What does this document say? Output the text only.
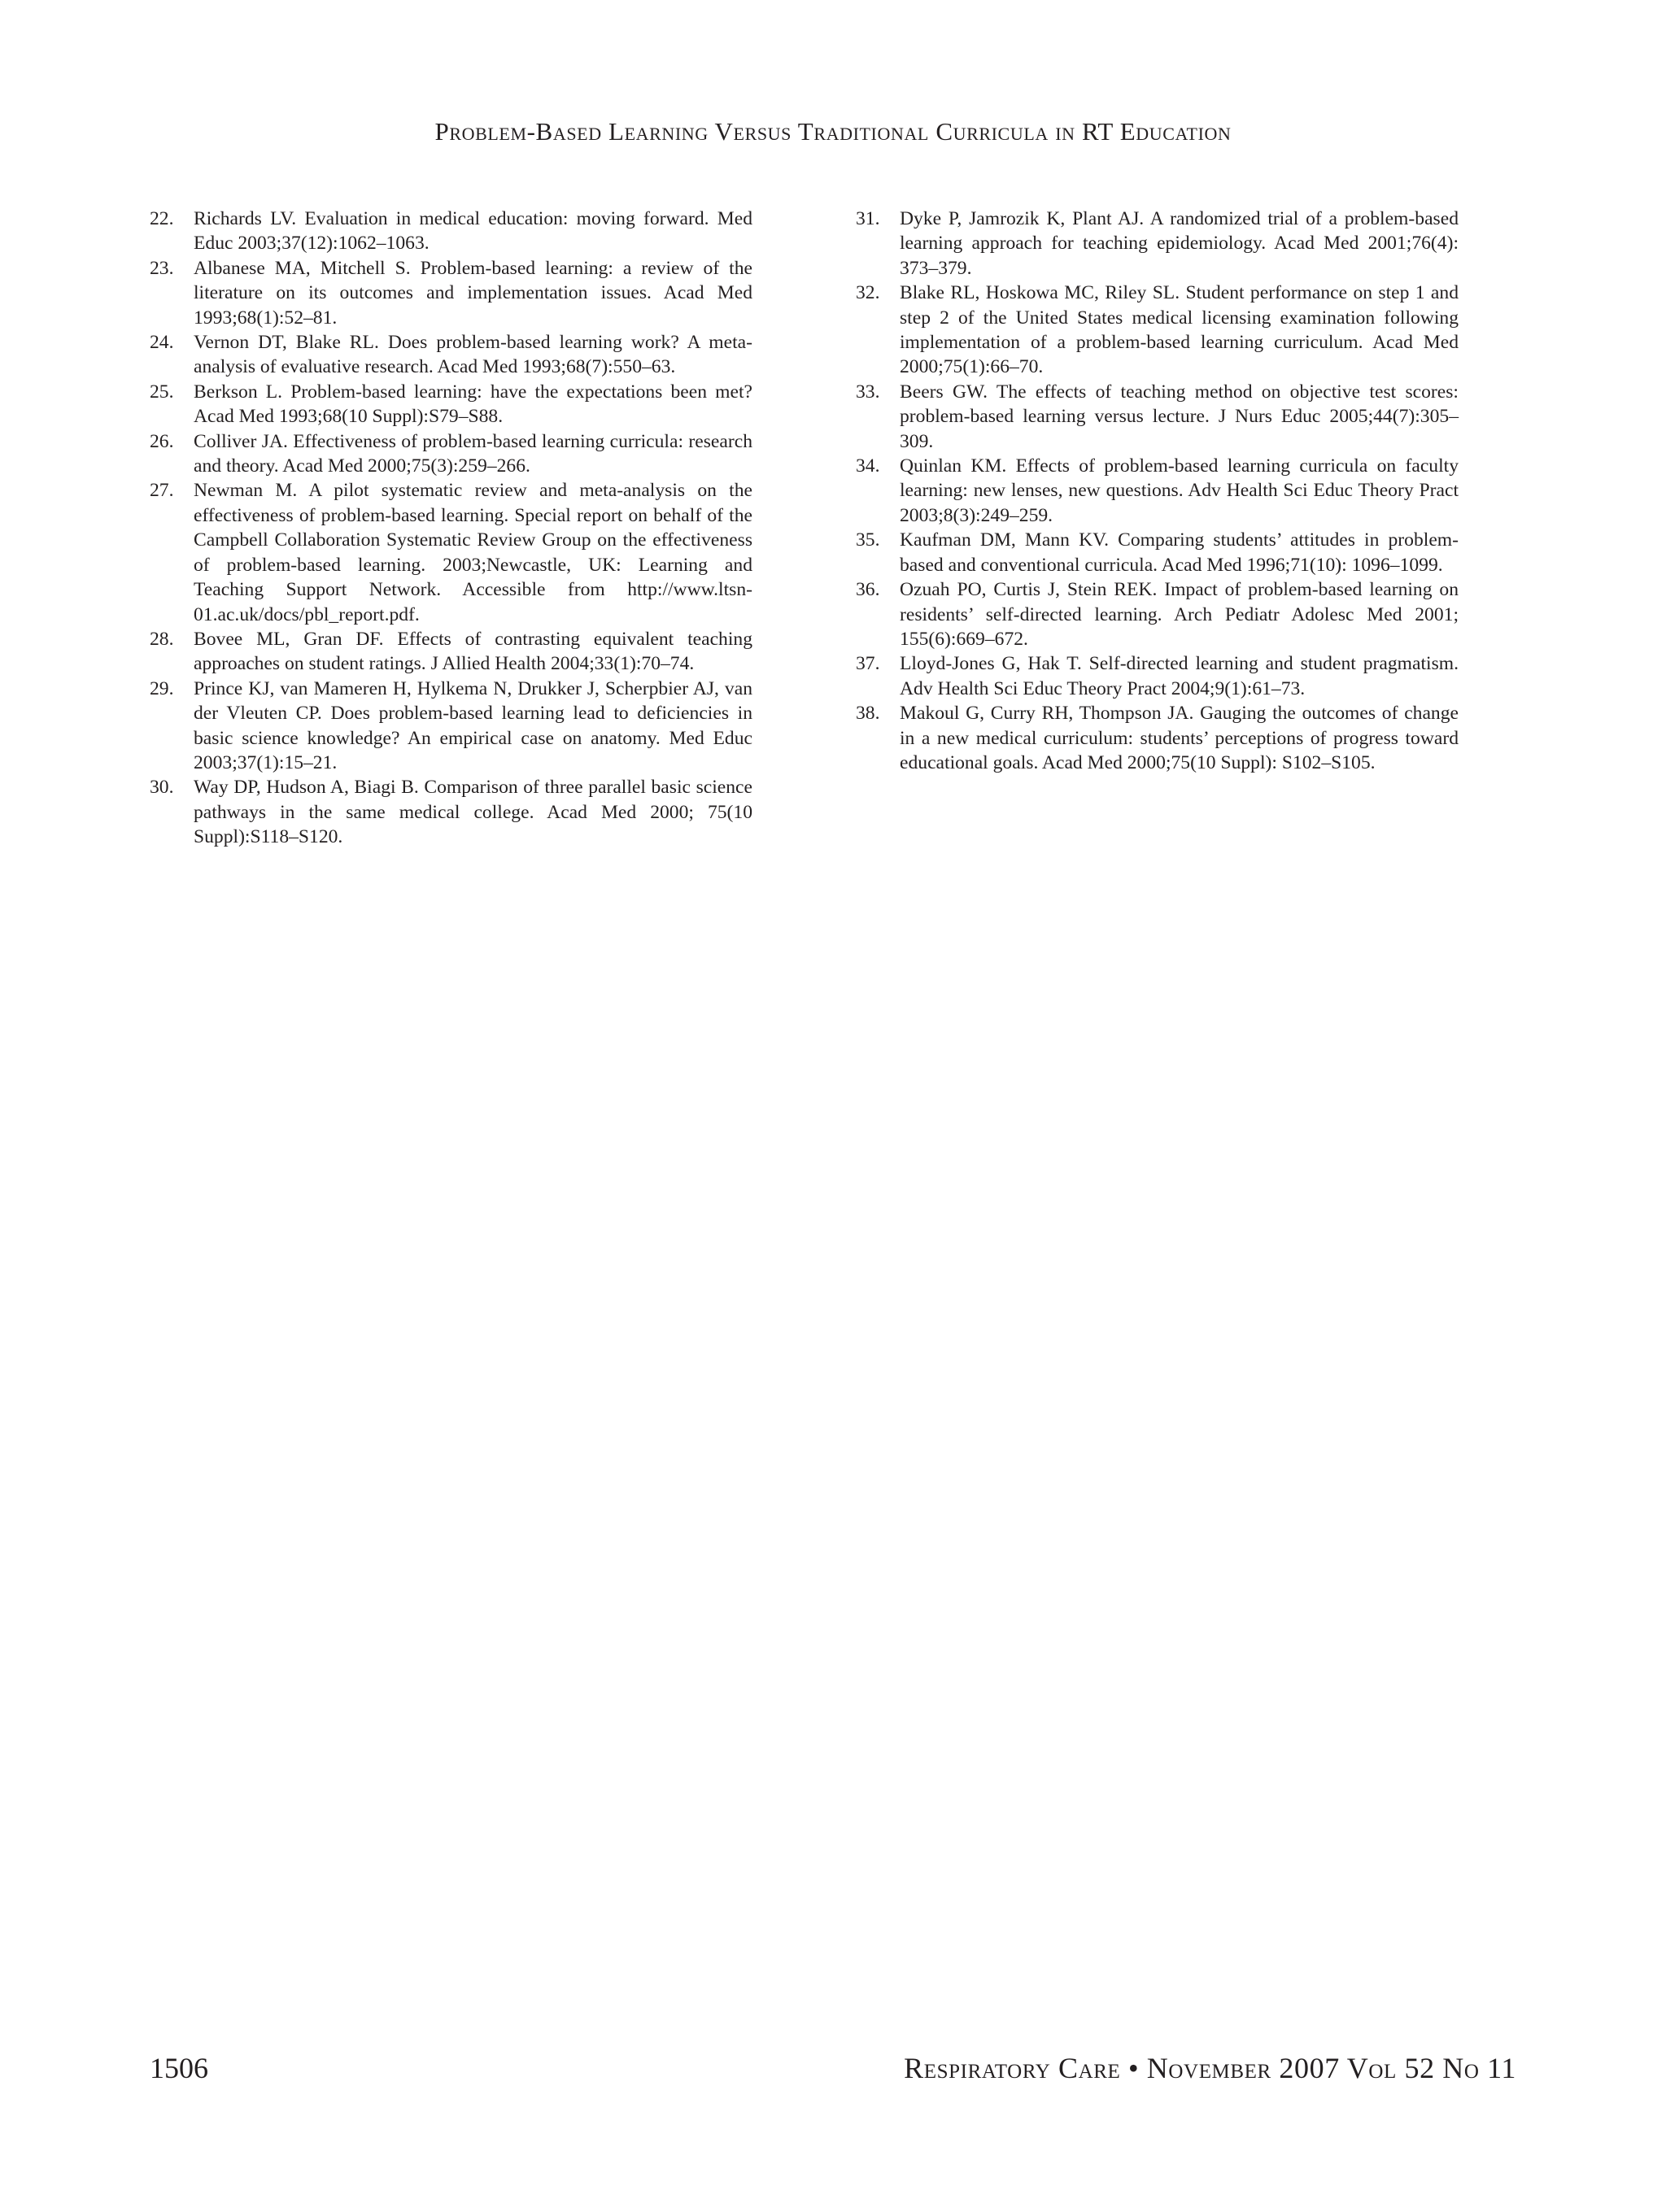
Problem-Based Learning Versus Traditional Curricula in RT Education
22. Richards LV. Evaluation in medical education: moving forward. Med Educ 2003;37(12):1062–1063.
23. Albanese MA, Mitchell S. Problem-based learning: a review of the literature on its outcomes and implementation issues. Acad Med 1993;68(1):52–81.
24. Vernon DT, Blake RL. Does problem-based learning work? A meta-analysis of evaluative research. Acad Med 1993;68(7):550–63.
25. Berkson L. Problem-based learning: have the expectations been met? Acad Med 1993;68(10 Suppl):S79–S88.
26. Colliver JA. Effectiveness of problem-based learning curricula: research and theory. Acad Med 2000;75(3):259–266.
27. Newman M. A pilot systematic review and meta-analysis on the effectiveness of problem-based learning. Special report on behalf of the Campbell Collaboration Systematic Review Group on the effectiveness of problem-based learning. 2003;Newcastle, UK: Learning and Teaching Support Network. Accessible from http://www.ltsn-01.ac.uk/docs/pbl_report.pdf.
28. Bovee ML, Gran DF. Effects of contrasting equivalent teaching approaches on student ratings. J Allied Health 2004;33(1):70–74.
29. Prince KJ, van Mameren H, Hylkema N, Drukker J, Scherpbier AJ, van der Vleuten CP. Does problem-based learning lead to deficiencies in basic science knowledge? An empirical case on anatomy. Med Educ 2003;37(1):15–21.
30. Way DP, Hudson A, Biagi B. Comparison of three parallel basic science pathways in the same medical college. Acad Med 2000; 75(10 Suppl):S118–S120.
31. Dyke P, Jamrozik K, Plant AJ. A randomized trial of a problem-based learning approach for teaching epidemiology. Acad Med 2001;76(4): 373–379.
32. Blake RL, Hoskowa MC, Riley SL. Student performance on step 1 and step 2 of the United States medical licensing examination following implementation of a problem-based learning curriculum. Acad Med 2000;75(1):66–70.
33. Beers GW. The effects of teaching method on objective test scores: problem-based learning versus lecture. J Nurs Educ 2005;44(7):305–309.
34. Quinlan KM. Effects of problem-based learning curricula on faculty learning: new lenses, new questions. Adv Health Sci Educ Theory Pract 2003;8(3):249–259.
35. Kaufman DM, Mann KV. Comparing students’ attitudes in problem-based and conventional curricula. Acad Med 1996;71(10): 1096–1099.
36. Ozuah PO, Curtis J, Stein REK. Impact of problem-based learning on residents’ self-directed learning. Arch Pediatr Adolesc Med 2001; 155(6):669–672.
37. Lloyd-Jones G, Hak T. Self-directed learning and student pragmatism. Adv Health Sci Educ Theory Pract 2004;9(1):61–73.
38. Makoul G, Curry RH, Thompson JA. Gauging the outcomes of change in a new medical curriculum: students’ perceptions of progress toward educational goals. Acad Med 2000;75(10 Suppl): S102–S105.
1506	Respiratory Care • November 2007 Vol 52 No 11
